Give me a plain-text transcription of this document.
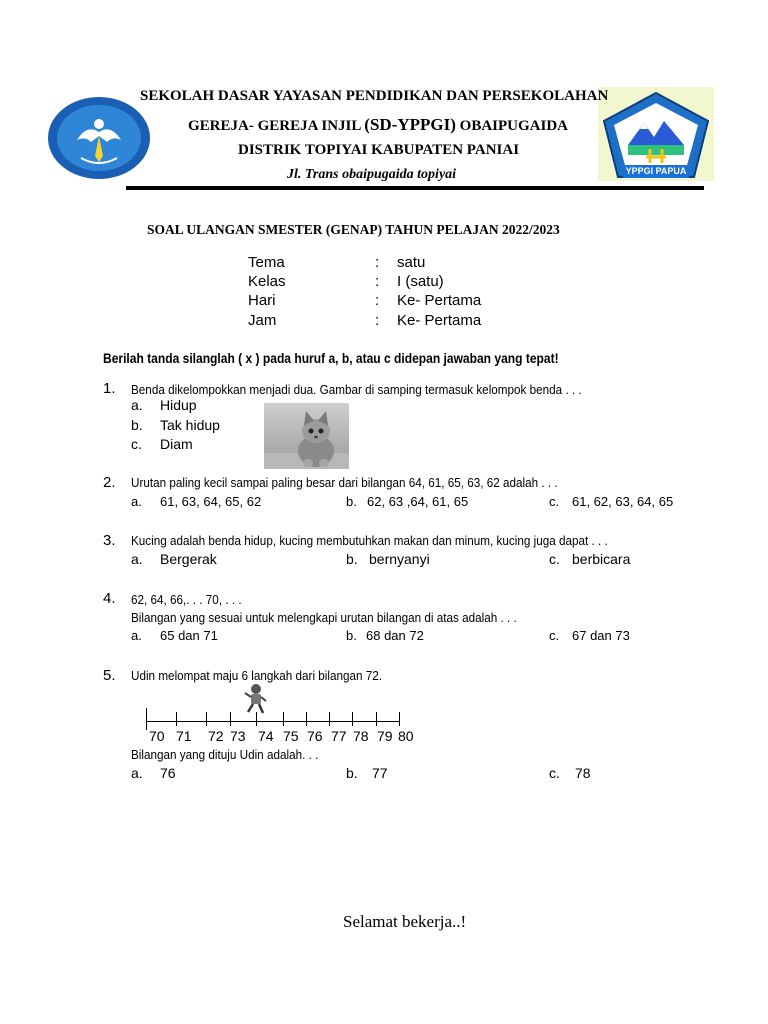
YPPGI PAPUA
SEKOLAH DASAR YAYASAN PENDIDIKAN DAN PERSEKOLAHAN
GEREJA- GEREJA INJIL (SD-YPPGI) OBAIPUGAIDA
DISTRIK TOPIYAI KABUPATEN PANIAI
Jl. Trans obaipugaida topiyai
SOAL ULANGAN SMESTER (GENAP) TAHUN PELAJAN 2022/2023
Tema	: satu
Kelas	: I (satu)
Hari	: Ke- Pertama
Jam	: Ke- Pertama
Berilah tanda silanglah ( x ) pada huruf a, b, atau c didepan jawaban yang tepat!
1. Benda dikelompokkan menjadi dua. Gambar di samping termasuk kelompok benda . . .
a. Hidup
b. Tak hidup
c. Diam
2. Urutan paling kecil sampai paling besar dari bilangan 64, 61, 65, 63, 62 adalah . . .
a. 61, 63, 64, 65, 62	b. 62, 63 ,64, 61, 65	c. 61, 62, 63, 64, 65
3. Kucing adalah benda hidup, kucing membutuhkan makan dan minum, kucing juga dapat . . .
a. Bergerak	b. bernyanyi	c. berbicara
4. 62, 64, 66,. . . 70, . . .
Bilangan yang sesuai untuk melengkapi urutan bilangan di atas adalah . . .
a. 65 dan 71	b. 68 dan 72	c. 67 dan 73
5. Udin melompat maju 6 langkah dari bilangan 72.
70 71 72 73 74 75 76 77 78 79 80
Bilangan yang dituju Udin adalah. . .
a. 76	b. 77	c. 78
Selamat bekerja..!
